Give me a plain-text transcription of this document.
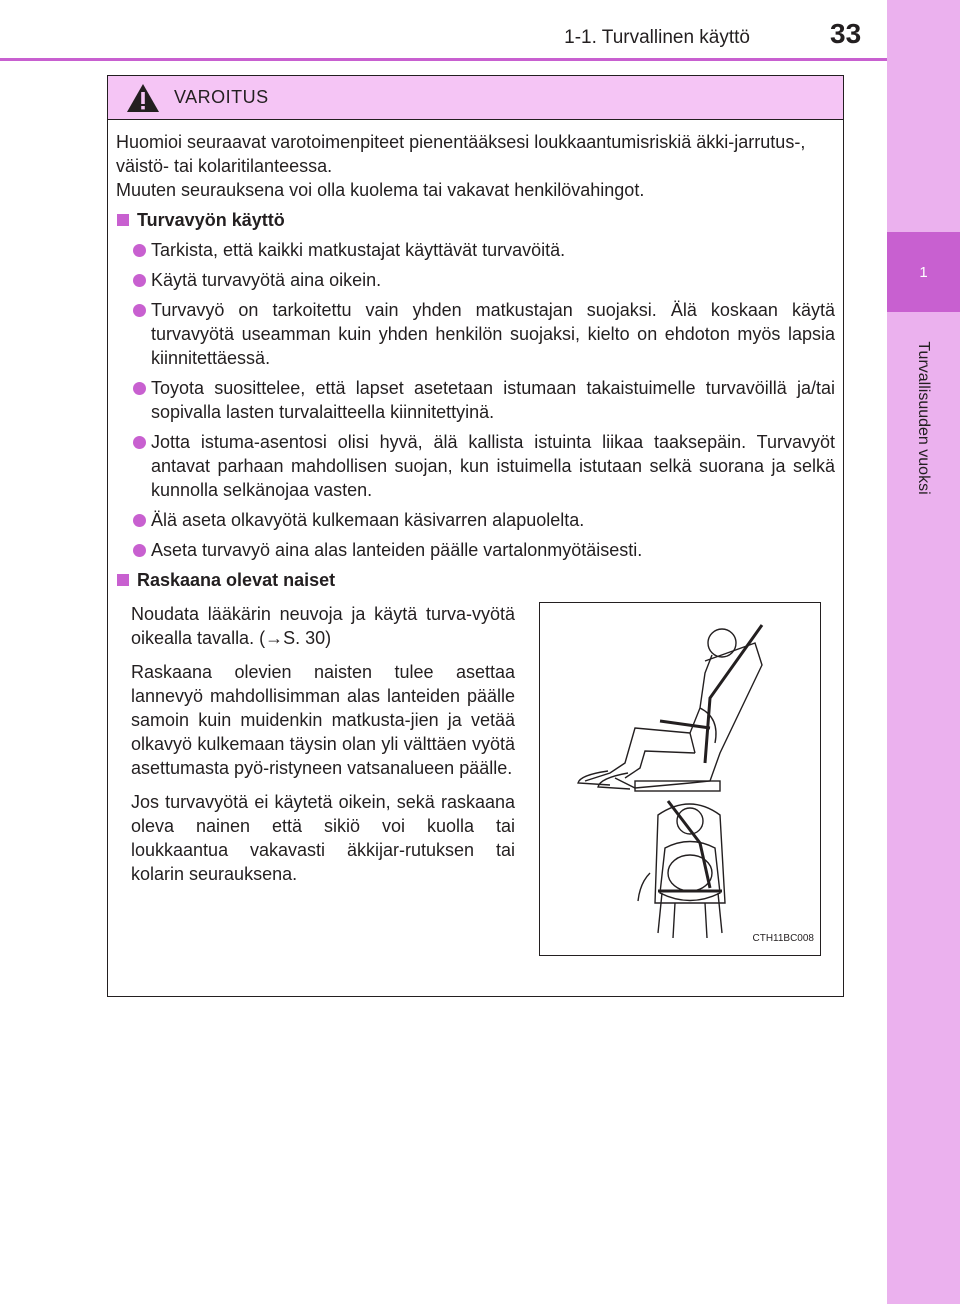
1
Turvallisuuden vuoksi
1-1. Turvallinen käyttö	33
VAROITUS

Huomioi seuraavat varotoimenpiteet pienentääksesi loukkaantumisriskiä äkki-jarrutus-, väistö- tai kolaritilanteessa.

Muuten seurauksena voi olla kuolema tai vakavat henkilövahingot.

Turvavyön käyttö
Tarkista, että kaikki matkustajat käyttävät turvavöitä.
Käytä turvavyötä aina oikein.
Turvavyö on tarkoitettu vain yhden matkustajan suojaksi. Älä koskaan käytä turvavyötä useamman kuin yhden henkilön suojaksi, kielto on ehdoton myös lapsia kiinnitettäessä.
Toyota suosittelee, että lapset asetetaan istumaan takaistuimelle turvavöillä ja/tai sopivalla lasten turvalaitteella kiinnitettyinä.
Jotta istuma-asentosi olisi hyvä, älä kallista istuinta liikaa taaksepäin. Turvavyöt antavat parhaan mahdollisen suojan, kun istuimella istutaan selkä suorana ja selkä kunnolla selkänojaa vasten.
Älä aseta olkavyötä kulkemaan käsivarren alapuolelta.
Aseta turvavyö aina alas lanteiden päälle vartalonmyötäisesti.
Raskaana olevat naiset

Noudata lääkärin neuvoja ja käytä turva-vyötä oikealla tavalla. (→S. 30)

Raskaana olevien naisten tulee asettaa lannevyö mahdollisimman alas lanteiden päälle samoin kuin muidenkin matkusta-jien ja vetää olkavyö kulkemaan täysin olan yli välttäen vyötä asettumasta pyö-ristyneen vatsanalueen päälle.

Jos turvavyötä ei käytetä oikein, sekä raskaana oleva nainen että sikiö voi kuolla tai loukkaantua vakavasti äkkijar-rutuksen tai kolarin seurauksena.

CTH11BC008
